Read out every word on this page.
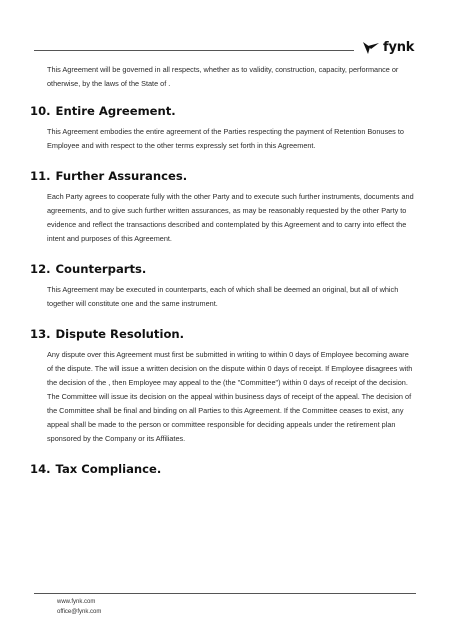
fynk

This Agreement will be governed in all respects, whether as to validity, construction, capacity, performance or otherwise, by the laws of the State of .

10. Entire Agreement.

This Agreement embodies the entire agreement of the Parties respecting the payment of Retention Bonuses to Employee and with respect to the other terms expressly set forth in this Agreement.

11. Further Assurances.

Each Party agrees to cooperate fully with the other Party and to execute such further instruments, documents and agreements, and to give such further written assurances, as may be reasonably requested by the other Party to evidence and reflect the transactions described and contemplated by this Agreement and to carry into effect the intent and purposes of this Agreement.

12. Counterparts.

This Agreement may be executed in counterparts, each of which shall be deemed an original, but all of which together will constitute one and the same instrument.

13. Dispute Resolution.

Any dispute over this Agreement must first be submitted in writing to within 0 days of Employee becoming aware of the dispute. The will issue a written decision on the dispute within 0 days of receipt. If Employee disagrees with the decision of the , then Employee may appeal to the (the "Committee") within 0 days of receipt of the decision. The Committee will issue its decision on the appeal within business days of receipt of the appeal. The decision of the Committee shall be final and binding on all Parties to this Agreement. If the Committee ceases to exist, any appeal shall be made to the person or committee responsible for deciding appeals under the retirement plan sponsored by the Company or its Affiliates.

14. Tax Compliance.
www.fynk.com
office@fynk.com
